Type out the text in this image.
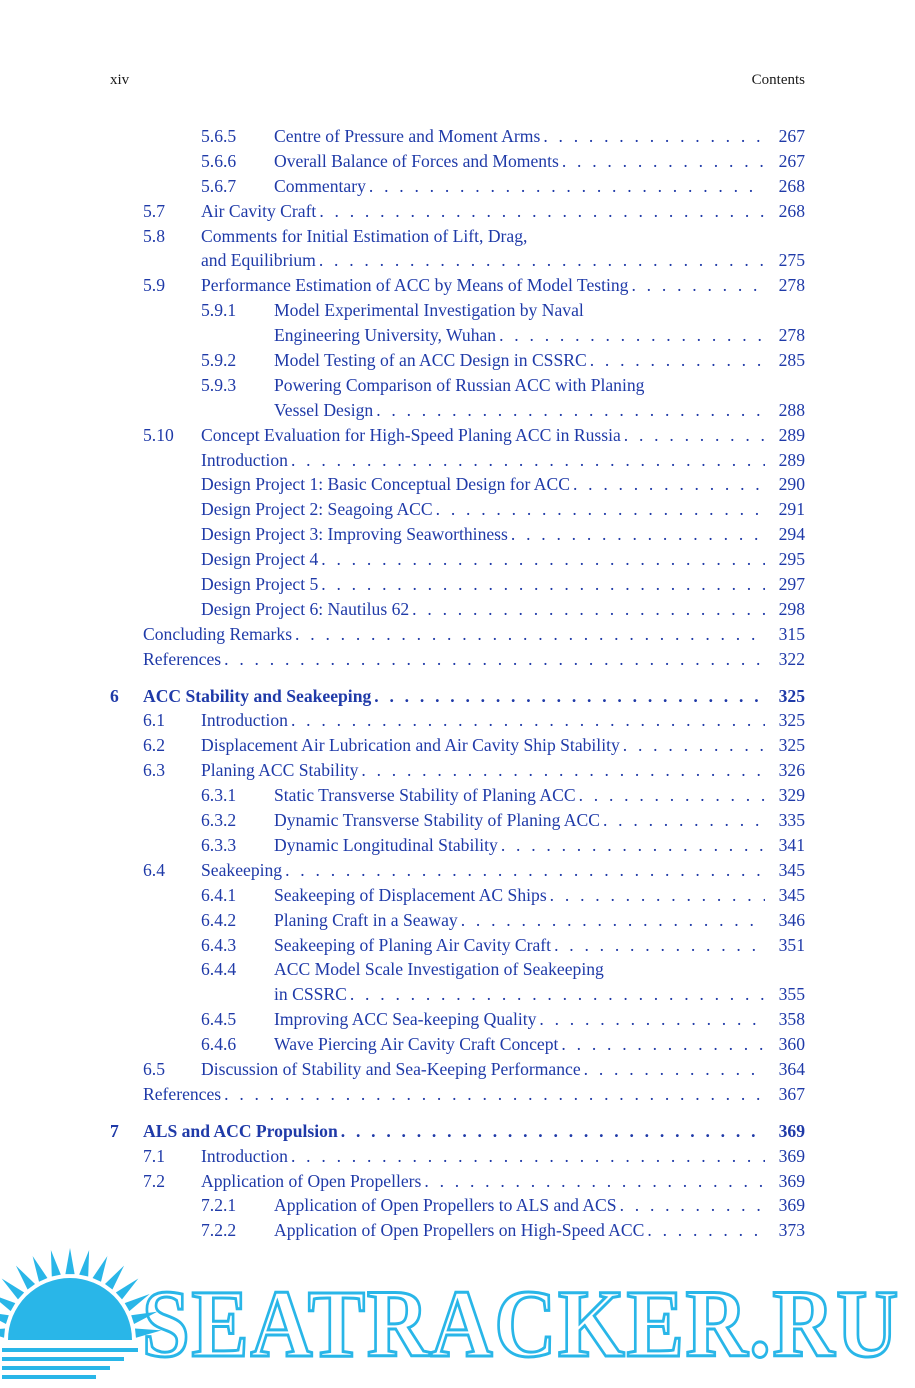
xiv	Contents
5.6.5	Centre of Pressure and Moment Arms . . .	267
5.6.6	Overall Balance of Forces and Moments . . .	267
5.6.7	Commentary . . .	268
5.7	Air Cavity Craft . . .	268
5.8	Comments for Initial Estimation of Lift, Drag,
and Equilibrium . . .	275
5.9	Performance Estimation of ACC by Means of Model Testing . . .	278
5.9.1	Model Experimental Investigation by Naval
Engineering University, Wuhan . . .	278
5.9.2	Model Testing of an ACC Design in CSSRC . . .	285
5.9.3	Powering Comparison of Russian ACC with Planing
Vessel Design . . .	288
5.10	Concept Evaluation for High-Speed Planing ACC in Russia . . .	289
Introduction . . .	289
Design Project 1: Basic Conceptual Design for ACC . . .	290
Design Project 2: Seagoing ACC . . .	291
Design Project 3: Improving Seaworthiness . . .	294
Design Project 4 . . .	295
Design Project 5 . . .	297
Design Project 6: Nautilus 62 . . .	298
Concluding Remarks . . .	315
References . . .	322
6	ACC Stability and Seakeeping . . .	325
6.1	Introduction . . .	325
6.2	Displacement Air Lubrication and Air Cavity Ship Stability . . .	325
6.3	Planing ACC Stability . . .	326
6.3.1	Static Transverse Stability of Planing ACC . . .	329
6.3.2	Dynamic Transverse Stability of Planing ACC . . .	335
6.3.3	Dynamic Longitudinal Stability . . .	341
6.4	Seakeeping . . .	345
6.4.1	Seakeeping of Displacement AC Ships . . .	345
6.4.2	Planing Craft in a Seaway . . .	346
6.4.3	Seakeeping of Planing Air Cavity Craft . . .	351
6.4.4	ACC Model Scale Investigation of Seakeeping
in CSSRC . . .	355
6.4.5	Improving ACC Sea-keeping Quality . . .	358
6.4.6	Wave Piercing Air Cavity Craft Concept . . .	360
6.5	Discussion of Stability and Sea-Keeping Performance . . .	364
References . . .	367
7	ALS and ACC Propulsion . . .	369
7.1	Introduction . . .	369
7.2	Application of Open Propellers . . .	369
7.2.1	Application of Open Propellers to ALS and ACS . . .	369
7.2.2	Application of Open Propellers on High-Speed ACC . . .	373
SEATRACKER.RU
